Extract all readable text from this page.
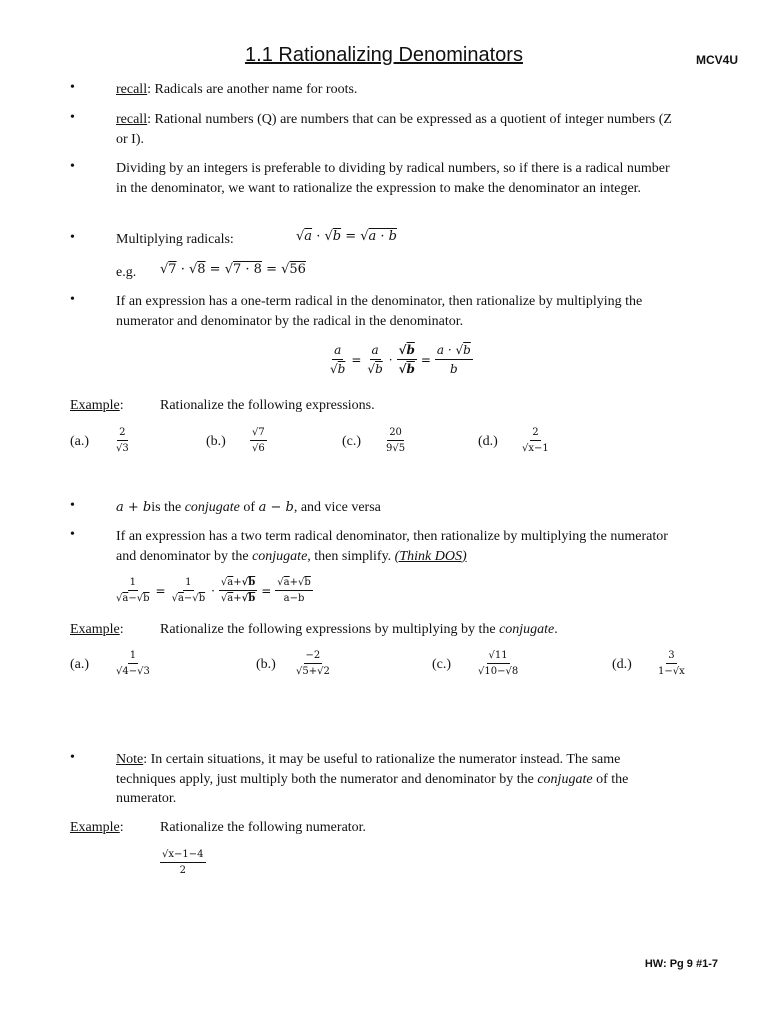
1.1 Rationalizing Denominators	MCV4U
•	recall: Radicals are another name for roots.
•	recall: Rational numbers (Q) are numbers that can be expressed as a quotient of integer numbers (Z or I).
•	Dividing by an integers is preferable to dividing by radical numbers, so if there is a radical number in the denominator, we want to rationalize the expression to make the denominator an integer.
•	Multiplying radicals:	√a · √b = √a · b
e.g.	√7 · √8 = √7 · 8 = √56
•	If an expression has a one-term radical in the denominator, then rationalize by multiplying the numerator and denominator by the radical in the denominator.
$\frac{a}{√b} = \frac{a}{√b} \cdot \frac{√b}{√b} = \frac{a \cdot √b}{b}$
Example:	Rationalize the following expressions.
$(a.) \frac{2}{√3}$	$(b.) \frac{√7}{√6}$	$(c.) \frac{20}{9√5}$	$(d.) \frac{2}{√x-1}$
•	a + bis the conjugate of a − b, and vice versa
•	If an expression has a two term radical denominator, then rationalize by multiplying the numerator and denominator by the conjugate, then simplify. (Think DOS)
$\frac{1}{√a-√b} = \frac{1}{√a-√b} \cdot \frac{√a+√b}{√a+√b} = \frac{√a+√b}{a-b}$
Example:	Rationalize the following expressions by multiplying by the conjugate.
$(a.) \frac{1}{√4-√3}$	$(b.) \frac{-2}{√5+√2}$	$(c.) \frac{√11}{√10-√8}$	$(d.) \frac{3}{1-√x}$
•	Note: In certain situations, it may be useful to rationalize the numerator instead. The same techniques apply, just multiply both the numerator and denominator by the conjugate of the numerator.
Example:	Rationalize the following numerator.
$\frac{√x-1-4}{2}$
HW: Pg 9 #1-7
